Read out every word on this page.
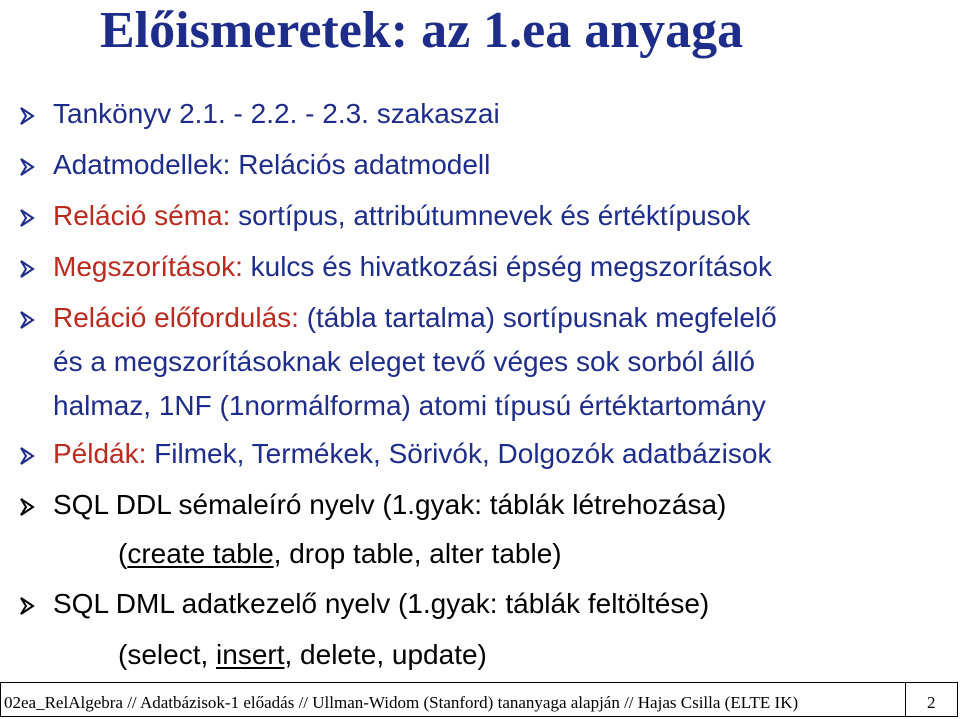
Előismeretek: az 1.ea anyaga
Tankönyv 2.1. - 2.2. - 2.3. szakaszai
Adatmodellek: Relációs adatmodell
Reláció séma: sortípus, attribútumnevek és értéktípusok
Megszorítások: kulcs és hivatkozási épség megszorítások
Reláció előfordulás: (tábla tartalma) sortípusnak megfelelő
és a megszorításoknak eleget tevő véges sok sorból álló
halmaz, 1NF (1normálforma) atomi típusú értéktartomány
Példák: Filmek, Termékek, Sörivók, Dolgozók adatbázisok
SQL DDL sémaleíró nyelv (1.gyak: táblák létrehozása)
(create table, drop table, alter table)
SQL DML adatkezelő nyelv (1.gyak: táblák feltöltése)
(select, insert, delete, update)
02ea_RelAlgebra // Adatbázisok-1 előadás // Ullman-Widom (Stanford) tananyaga alapján // Hajas Csilla (ELTE IK)	2
